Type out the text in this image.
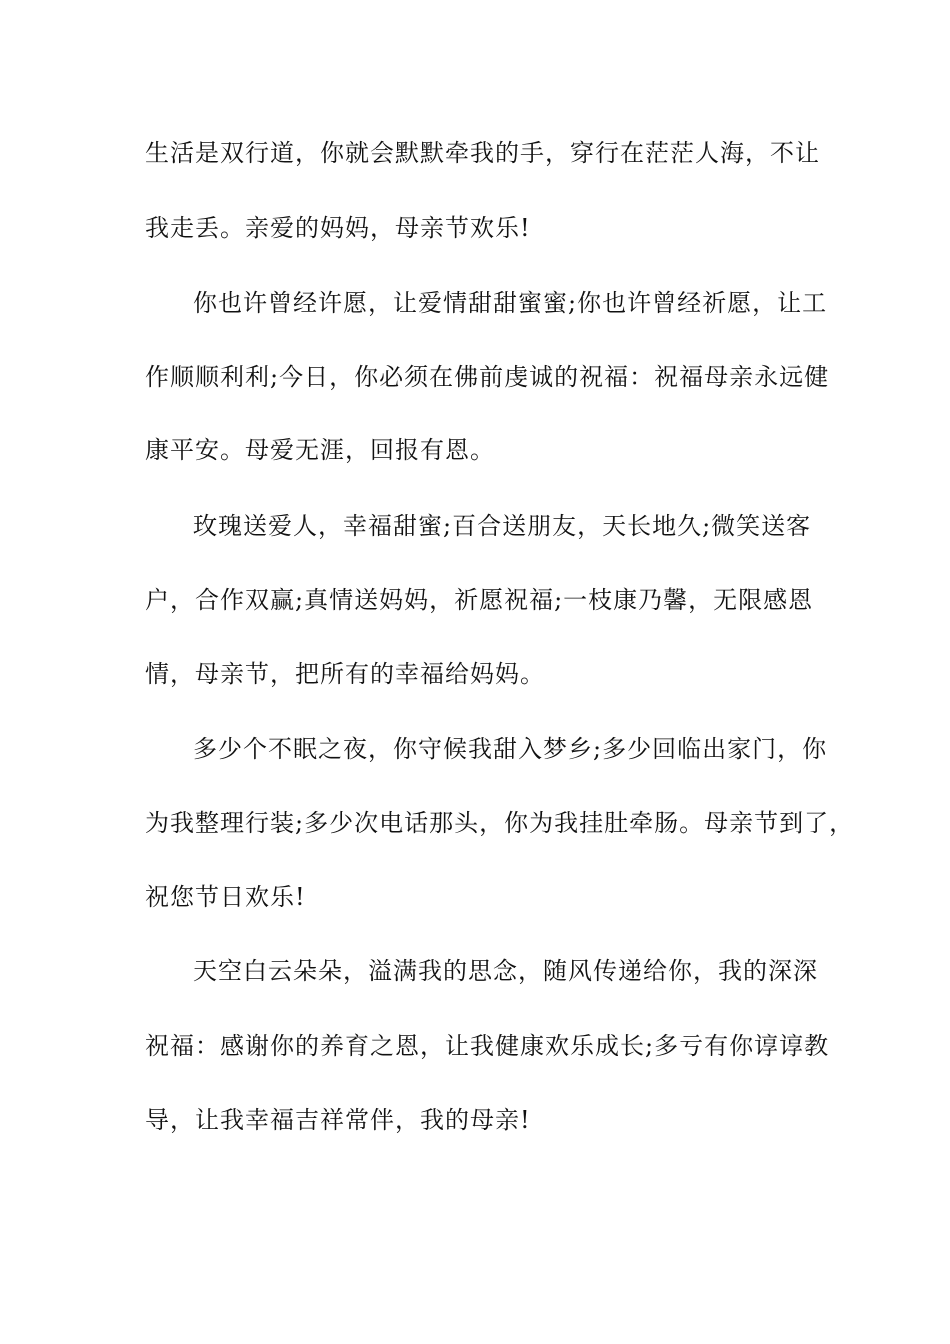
生活是双行道，你就会默默牵我的手，穿行在茫茫人海，不让
我走丢。亲爱的妈妈，母亲节欢乐!
你也许曾经许愿，让爱情甜甜蜜蜜;你也许曾经祈愿，让工
作顺顺利利;今日，你必须在佛前虔诚的祝福：祝福母亲永远健
康平安。母爱无涯，回报有恩。
玫瑰送爱人，幸福甜蜜;百合送朋友，天长地久;微笑送客
户，合作双赢;真情送妈妈，祈愿祝福;一枝康乃馨，无限感恩
情，母亲节，把所有的幸福给妈妈。
多少个不眠之夜，你守候我甜入梦乡;多少回临出家门，你
为我整理行装;多少次电话那头，你为我挂肚牵肠。母亲节到了，
祝您节日欢乐!
天空白云朵朵，溢满我的思念，随风传递给你，我的深深
祝福：感谢你的养育之恩，让我健康欢乐成长;多亏有你谆谆教
导，让我幸福吉祥常伴，我的母亲!
